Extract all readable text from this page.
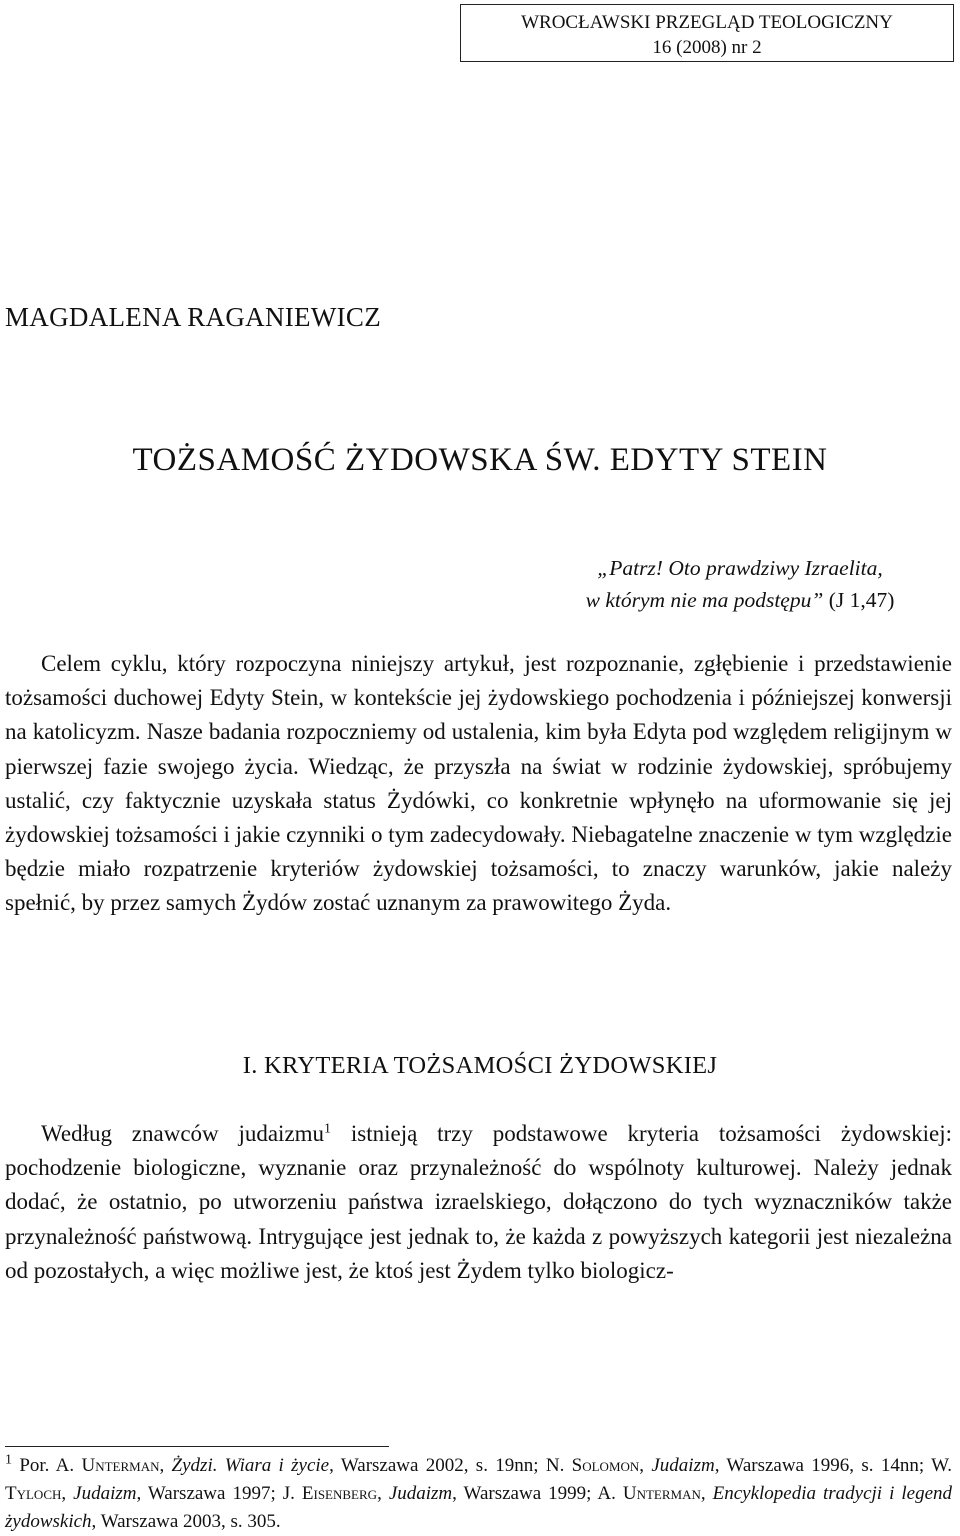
WROCŁAWSKI PRZEGLĄD TEOLOGICZNY
16 (2008) nr 2
MAGDALENA RAGANIEWICZ
TOŻSAMOŚĆ ŻYDOWSKA ŚW. EDYTY STEIN
„Patrz! Oto prawdziwy Izraelita,
w którym nie ma podstępu” (J 1,47)

Celem cyklu, który rozpoczyna niniejszy artykuł, jest rozpoznanie, zgłębienie i przedstawienie tożsamości duchowej Edyty Stein, w kontekście jej żydowskiego pochodzenia i późniejszej konwersji na katolicyzm. Nasze badania rozpoczniemy od ustalenia, kim była Edyta pod względem religijnym w pierwszej fazie swojego życia. Wiedząc, że przyszła na świat w rodzinie żydowskiej, spróbujemy ustalić, czy faktycznie uzyskała status Żydówki, co konkretnie wpłynęło na uformowanie się jej żydowskiej tożsamości i jakie czynniki o tym zadecydowały. Niebagatelne znaczenie w tym względzie będzie miało rozpatrzenie kryteriów żydowskiej tożsamości, to znaczy warunków, jakie należy spełnić, by przez samych Żydów zostać uznanym za prawowitego Żyda.

I. KRYTERIA TOŻSAMOŚCI ŻYDOWSKIEJ

Według znawców judaizmu$^1$ istnieją trzy podstawowe kryteria tożsamości żydowskiej: pochodzenie biologiczne, wyznanie oraz przynależność do wspólnoty kulturowej. Należy jednak dodać, że ostatnio, po utworzeniu państwa izraelskiego, dołączono do tych wyznaczników także przynależność państwową. Intrygujące jest jednak to, że każda z powyższych kategorii jest niezależna od pozostałych, a więc możliwe jest, że ktoś jest Żydem tylko biologicz-

$^1$ Por. A. Unterman, Żydzi. Wiara i życie, Warszawa 2002, s. 19nn; N. Solomon, Judaizm, Warszawa 1996, s. 14nn; W. Tyloch, Judaizm, Warszawa 1997; J. Eisenberg, Judaizm, Warszawa 1999; A. Unterman, Encyklopedia tradycji i legend żydowskich, Warszawa 2003, s. 305.
